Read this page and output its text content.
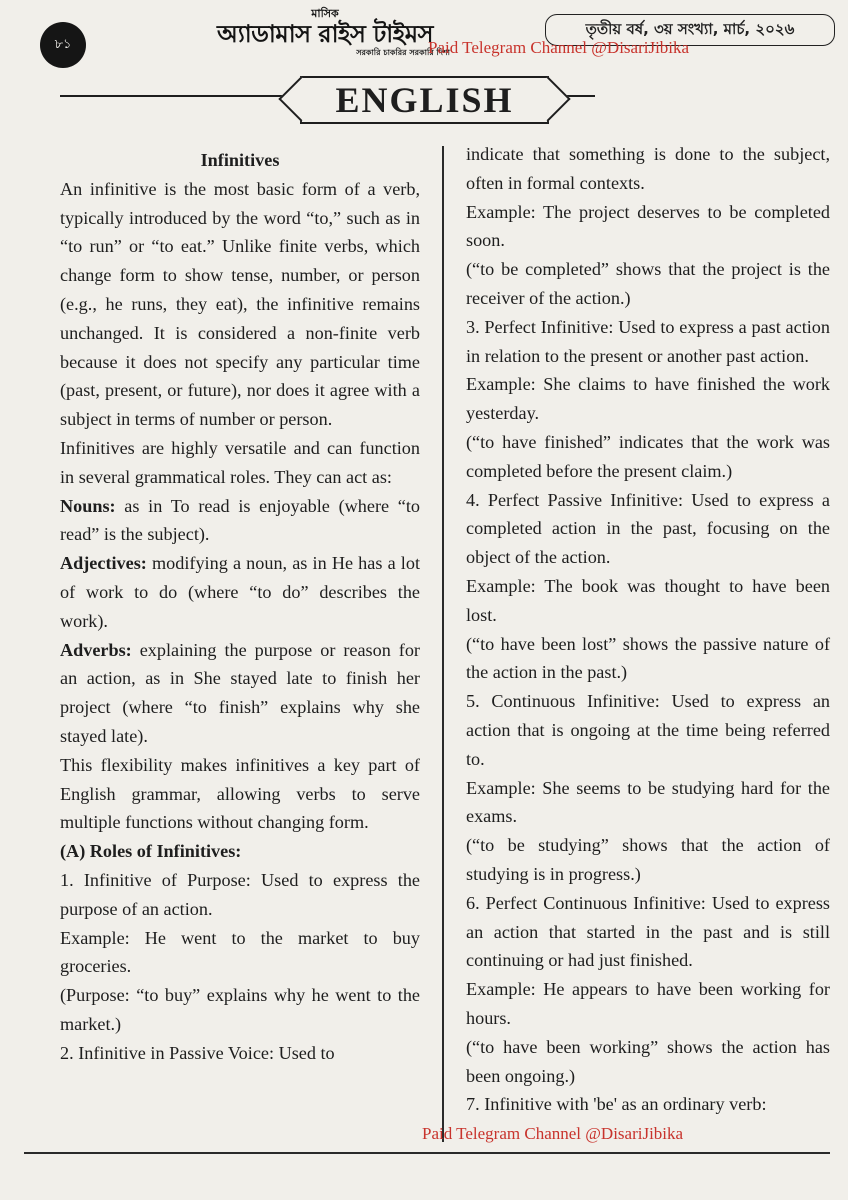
৮১
মাসিক
অ্যাডামাস রাইস টাইমস
সরকারি চাকরির সরকারি দিশা
তৃতীয় বর্ষ, ৩য় সংখ্যা, মার্চ, ২০২৬
Paid Telegram Channel @DisariJibika
ENGLISH

Infinitives

An infinitive is the most basic form of a verb, typically introduced by the word “to,” such as in “to run” or “to eat.” Unlike finite verbs, which change form to show tense, number, or person (e.g., he runs, they eat), the infinitive remains unchanged. It is considered a non-finite verb because it does not specify any particular time (past, present, or future), nor does it agree with a subject in terms of number or person.

Infinitives are highly versatile and can function in several grammatical roles. They can act as:

Nouns: as in To read is enjoyable (where “to read” is the subject).

Adjectives: modifying a noun, as in He has a lot of work to do (where “to do” describes the work).

Adverbs: explaining the purpose or reason for an action, as in She stayed late to finish her project (where “to finish” explains why she stayed late).

This flexibility makes infinitives a key part of English grammar, allowing verbs to serve multiple functions without changing form.

(A) Roles of Infinitives:

1. Infinitive of Purpose: Used to express the purpose of an action.

Example: He went to the market to buy groceries.

(Purpose: “to buy” explains why he went to the market.)

2. Infinitive in Passive Voice: Used to

indicate that something is done to the subject, often in formal contexts.

Example: The project deserves to be completed soon.

(“to be completed” shows that the project is the receiver of the action.)

3. Perfect Infinitive: Used to express a past action in relation to the present or another past action.

Example: She claims to have finished the work yesterday.

(“to have finished” indicates that the work was completed before the present claim.)

4. Perfect Passive Infinitive: Used to express a completed action in the past, focusing on the object of the action.

Example: The book was thought to have been lost.

(“to have been lost” shows the passive nature of the action in the past.)

5. Continuous Infinitive: Used to express an action that is ongoing at the time being referred to.

Example: She seems to be studying hard for the exams.

(“to be studying” shows that the action of studying is in progress.)

6. Perfect Continuous Infinitive: Used to express an action that started in the past and is still continuing or had just finished.

Example: He appears to have been working for hours.

(“to have been working” shows the action has been ongoing.)

7. Infinitive with 'be' as an ordinary verb:

Paid Telegram Channel @DisariJibika
